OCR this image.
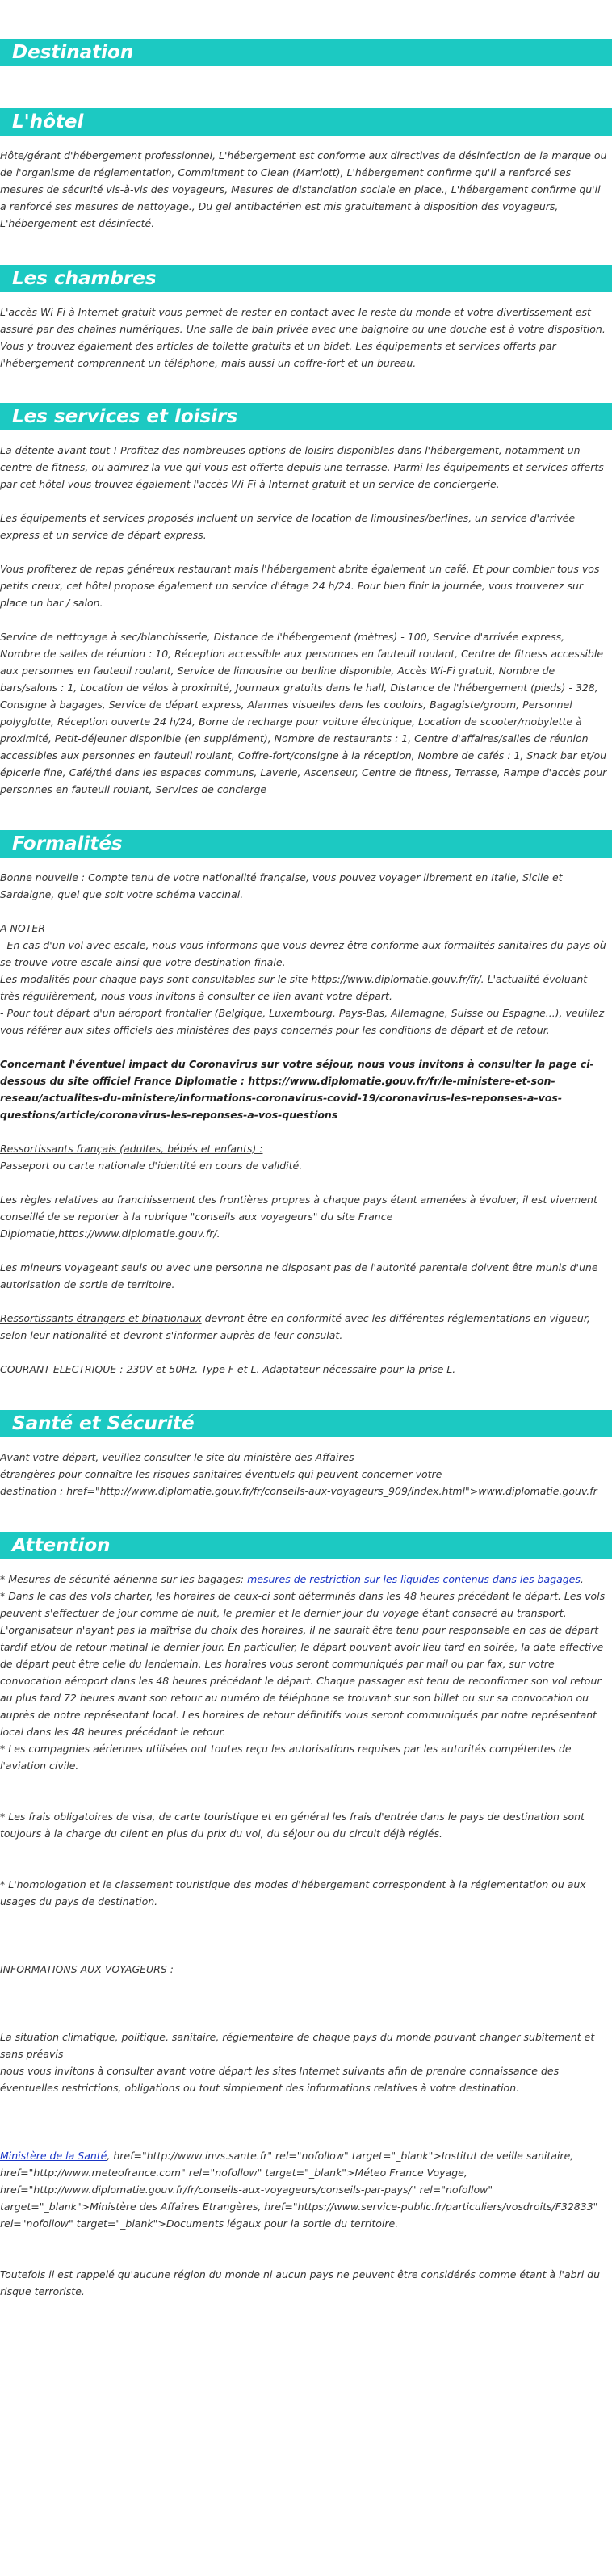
Destination
L'hôtel

Hôte/gérant d'hébergement professionnel, L'hébergement est conforme aux directives de désinfection de la marque ou de l'organisme de réglementation, Commitment to Clean (Marriott), L'hébergement confirme qu'il a renforcé ses mesures de sécurité vis-à-vis des voyageurs, Mesures de distanciation sociale en place., L'hébergement confirme qu'il a renforcé ses mesures de nettoyage., Du gel antibactérien est mis gratuitement à disposition des voyageurs, L'hébergement est désinfecté.

Les chambres

L'accès Wi-Fi à Internet gratuit vous permet de rester en contact avec le reste du monde et votre divertissement est assuré par des chaînes numériques. Une salle de bain privée avec une baignoire ou une douche est à votre disposition. Vous y trouvez également des articles de toilette gratuits et un bidet. Les équipements et services offerts par l'hébergement comprennent un téléphone, mais aussi un coffre-fort et un bureau.

Les services et loisirs

La détente avant tout ! Profitez des nombreuses options de loisirs disponibles dans l'hébergement, notamment un centre de fitness, ou admirez la vue qui vous est offerte depuis une terrasse. Parmi les équipements et services offerts par cet hôtel vous trouvez également l'accès Wi-Fi à Internet gratuit et un service de conciergerie.

Les équipements et services proposés incluent un service de location de limousines/berlines, un service d'arrivée express et un service de départ express.

Vous profiterez de repas généreux restaurant mais l'hébergement abrite également un café. Et pour combler tous vos petits creux, cet hôtel propose également un service d'étage 24 h/24. Pour bien finir la journée, vous trouverez sur place un bar / salon.

Service de nettoyage à sec/blanchisserie, Distance de l'hébergement (mètres) - 100, Service d'arrivée express, Nombre de salles de réunion : 10, Réception accessible aux personnes en fauteuil roulant, Centre de fitness accessible aux personnes en fauteuil roulant, Service de limousine ou berline disponible, Accès Wi-Fi gratuit, Nombre de bars/salons : 1, Location de vélos à proximité, Journaux gratuits dans le hall, Distance de l'hébergement (pieds) - 328, Consigne à bagages, Service de départ express, Alarmes visuelles dans les couloirs, Bagagiste/groom, Personnel polyglotte, Réception ouverte 24 h/24, Borne de recharge pour voiture électrique, Location de scooter/mobylette à proximité, Petit-déjeuner disponible (en supplément), Nombre de restaurants : 1, Centre d'affaires/salles de réunion accessibles aux personnes en fauteuil roulant, Coffre-fort/consigne à la réception, Nombre de cafés : 1, Snack bar et/ou épicerie fine, Café/thé dans les espaces communs, Laverie, Ascenseur, Centre de fitness, Terrasse, Rampe d'accès pour personnes en fauteuil roulant, Services de concierge

Formalités

Bonne nouvelle : Compte tenu de votre nationalité française, vous pouvez voyager librement en Italie, Sicile et Sardaigne, quel que soit votre schéma vaccinal.

A NOTER

- En cas d'un vol avec escale, nous vous informons que vous devrez être conforme aux formalités sanitaires du pays où se trouve votre escale ainsi que votre destination finale.

Les modalités pour chaque pays sont consultables sur le site https://www.diplomatie.gouv.fr/fr/. L'actualité évoluant très régulièrement, nous vous invitons à consulter ce lien avant votre départ.

- Pour tout départ d'un aéroport frontalier (Belgique, Luxembourg, Pays-Bas, Allemagne, Suisse ou Espagne...), veuillez vous référer aux sites officiels des ministères des pays concernés pour les conditions de départ et de retour.

Concernant l'éventuel impact du Coronavirus sur votre séjour, nous vous invitons à consulter la page ci-dessous du site officiel France Diplomatie : https://www.diplomatie.gouv.fr/fr/le-ministere-et-son-reseau/actualites-du-ministere/informations-coronavirus-covid-19/coronavirus-les-reponses-a-vos-questions/article/coronavirus-les-reponses-a-vos-questions

Ressortissants français (adultes, bébés et enfants) :

Passeport ou carte nationale d'identité en cours de validité.

Les règles relatives au franchissement des frontières propres à chaque pays étant amenées à évoluer, il est vivement conseillé de se reporter à la rubrique "conseils aux voyageurs" du site France Diplomatie,https://www.diplomatie.gouv.fr/.

Les mineurs voyageant seuls ou avec une personne ne disposant pas de l'autorité parentale doivent être munis d'une autorisation de sortie de territoire.

Ressortissants étrangers et binationaux devront être en conformité avec les différentes réglementations en vigueur, selon leur nationalité et devront s'informer auprès de leur consulat.

COURANT ELECTRIQUE : 230V et 50Hz. Type F et L. Adaptateur nécessaire pour la prise L.

Santé et Sécurité

Avant votre départ, veuillez consulter le site du ministère des Affaires

étrangères pour connaître les risques sanitaires éventuels qui peuvent concerner votre

destination : href="http://www.diplomatie.gouv.fr/fr/conseils-aux-voyageurs_909/index.html">www.diplomatie.gouv.fr

Attention

* Mesures de sécurité aérienne sur les bagages: mesures de restriction sur les liquides contenus dans les bagages.

* Dans le cas des vols charter, les horaires de ceux-ci sont déterminés dans les 48 heures précédant le départ. Les vols peuvent s'effectuer de jour comme de nuit, le premier et le dernier jour du voyage étant consacré au transport. L'organisateur n'ayant pas la maîtrise du choix des horaires, il ne saurait être tenu pour responsable en cas de départ tardif et/ou de retour matinal le dernier jour. En particulier, le départ pouvant avoir lieu tard en soirée, la date effective de départ peut être celle du lendemain. Les horaires vous seront communiqués par mail ou par fax, sur votre convocation aéroport dans les 48 heures précédant le départ. Chaque passager est tenu de reconfirmer son vol retour au plus tard 72 heures avant son retour au numéro de téléphone se trouvant sur son billet ou sur sa convocation ou auprès de notre représentant local. Les horaires de retour définitifs vous seront communiqués par notre représentant local dans les 48 heures précédant le retour.

* Les compagnies aériennes utilisées ont toutes reçu les autorisations requises par les autorités compétentes de l'aviation civile.

* Les frais obligatoires de visa, de carte touristique et en général les frais d'entrée dans le pays de destination sont toujours à la charge du client en plus du prix du vol, du séjour ou du circuit déjà réglés.

* L'homologation et le classement touristique des modes d'hébergement correspondent à la réglementation ou aux usages du pays de destination.

INFORMATIONS AUX VOYAGEURS :

La situation climatique, politique, sanitaire, réglementaire de chaque pays du monde pouvant changer subitement et sans préavis

nous vous invitons à consulter avant votre départ les sites Internet suivants afin de prendre connaissance des éventuelles restrictions, obligations ou tout simplement des informations relatives à votre destination.

Ministère de la Santé, href="http://www.invs.sante.fr" rel="nofollow" target="_blank">Institut de veille sanitaire, href="http://www.meteofrance.com" rel="nofollow" target="_blank">Méteo France Voyage, href="http://www.diplomatie.gouv.fr/fr/conseils-aux-voyageurs/conseils-par-pays/" rel="nofollow" target="_blank">Ministère des Affaires Etrangères, href="https://www.service-public.fr/particuliers/vosdroits/F32833" rel="nofollow" target="_blank">Documents légaux pour la sortie du territoire.

Toutefois il est rappelé qu'aucune région du monde ni aucun pays ne peuvent être considérés comme étant à l'abri du risque terroriste.
